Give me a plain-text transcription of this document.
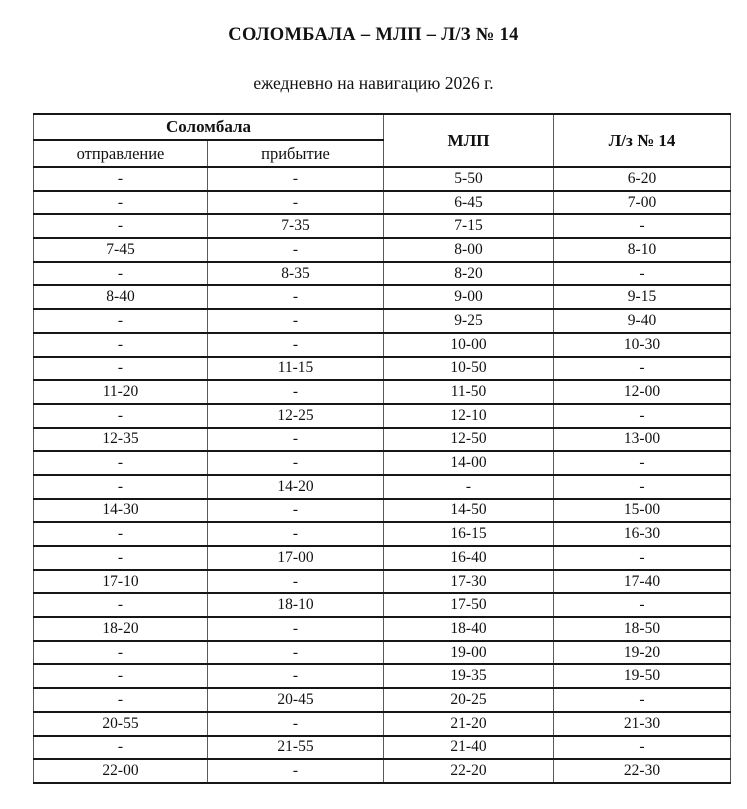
СОЛОМБАЛА – МЛП – Л/З № 14
ежедневно на навигацию 2026 г.
Соломбала		МЛП	Л/з № 14
отправление	прибытие		
-	-	5-50	6-20
-	-	6-45	7-00
-	7-35	7-15	-
7-45	-	8-00	8-10
-	8-35	8-20	-
8-40	-	9-00	9-15
-	-	9-25	9-40
-	-	10-00	10-30
-	11-15	10-50	-
11-20	-	11-50	12-00
-	12-25	12-10	-
12-35	-	12-50	13-00
-	-	14-00	-
-	14-20	-	-
14-30	-	14-50	15-00
-	-	16-15	16-30
-	17-00	16-40	-
17-10	-	17-30	17-40
-	18-10	17-50	-
18-20	-	18-40	18-50
-	-	19-00	19-20
-	-	19-35	19-50
-	20-45	20-25	-
20-55	-	21-20	21-30
-	21-55	21-40	-
22-00	-	22-20	22-30
